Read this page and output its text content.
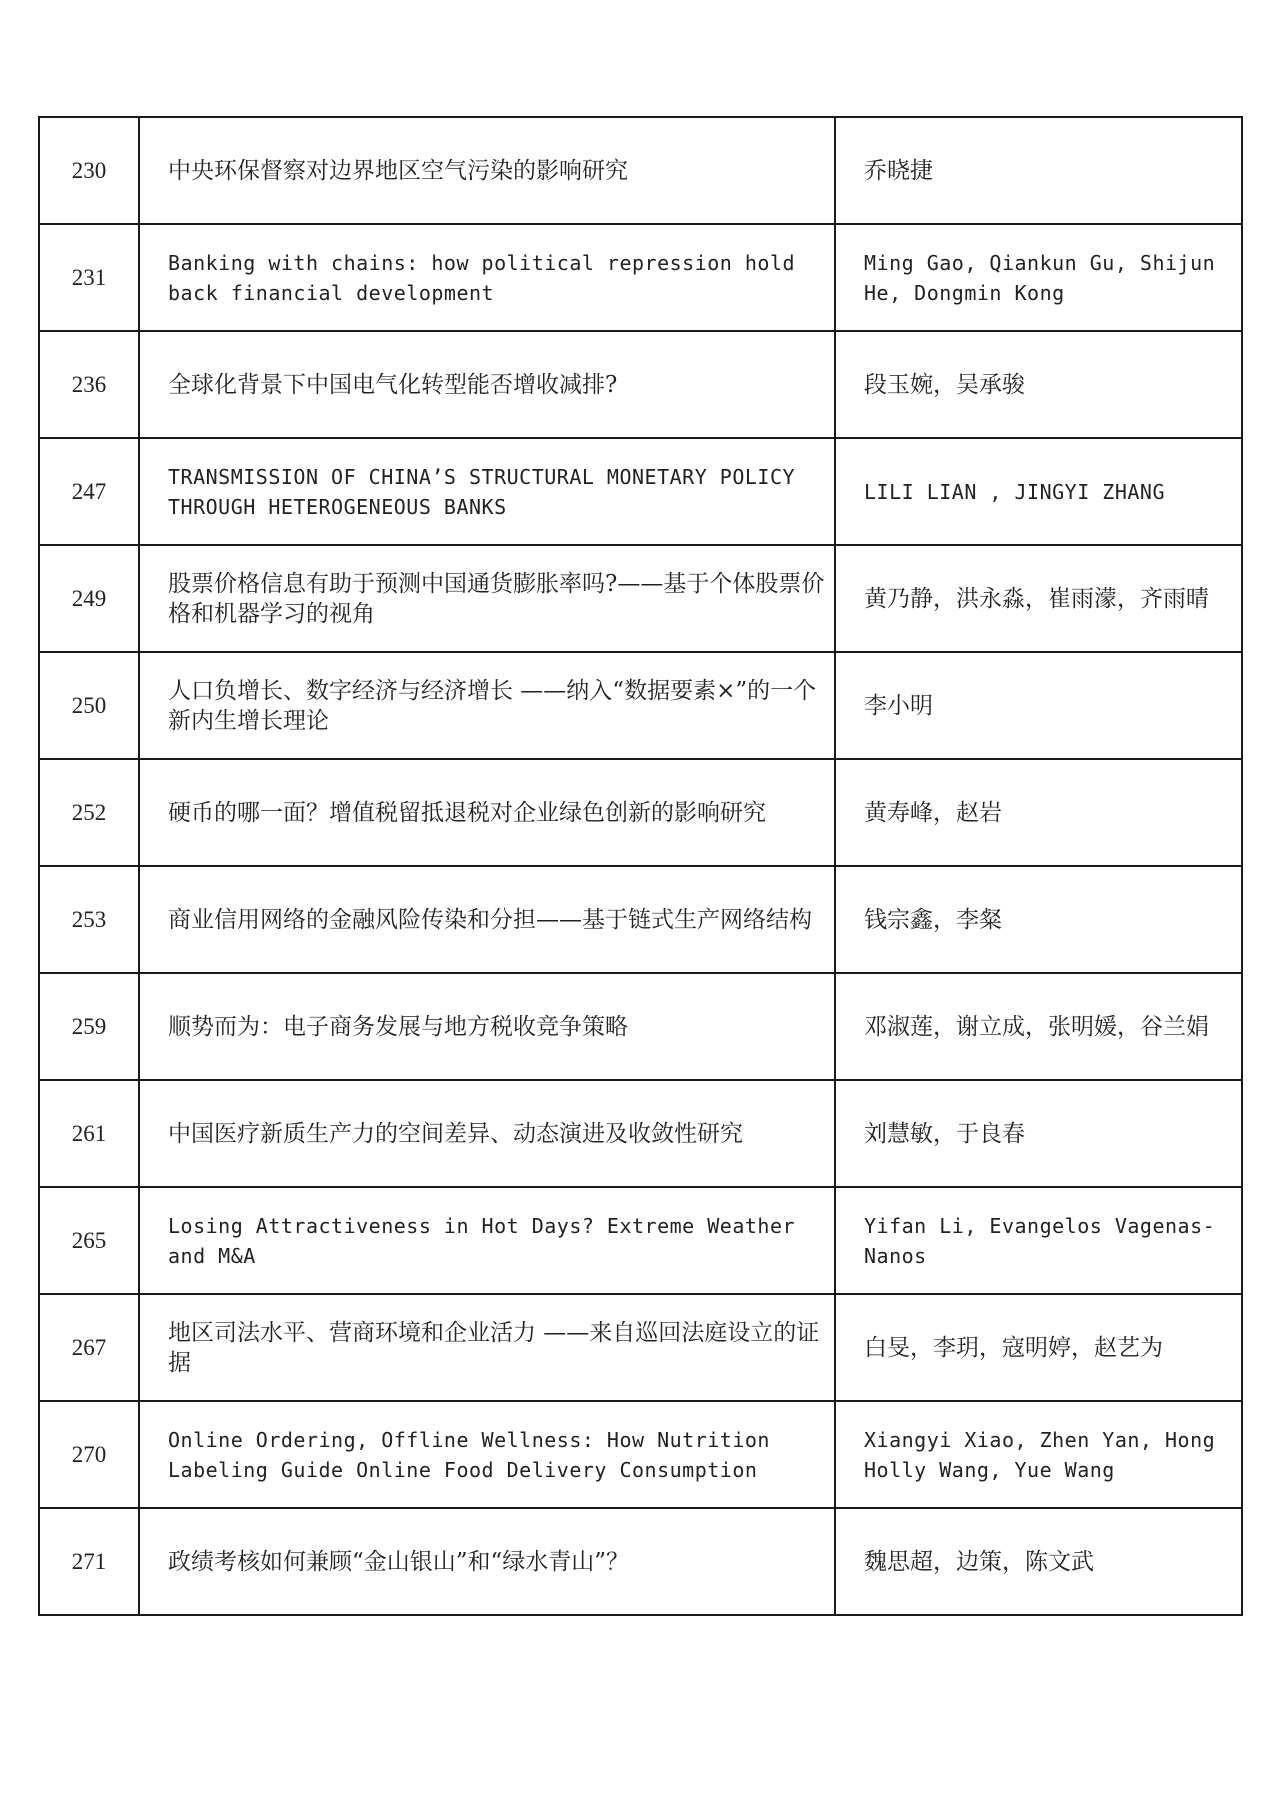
230	中央环保督察对边界地区空气污染的影响研究	乔晓捷

231	Banking with chains: how political repression hold back financial development	Ming Gao, Qiankun Gu, Shijun He, Dongmin Kong

236	全球化背景下中国电气化转型能否增收减排?	段玉婉，吴承骏

247	TRANSMISSION OF CHINA’S STRUCTURAL MONETARY POLICY THROUGH HETEROGENEOUS BANKS	LILI LIAN , JINGYI ZHANG

249	股票价格信息有助于预测中国通货膨胀率吗?——基于个体股票价格和机器学习的视角	黄乃静，洪永淼，崔雨濛，齐雨晴

250	人口负增长、数字经济与经济增长 ——纳入“数据要素×”的一个新内生增长理论	李小明

252	硬币的哪一面？增值税留抵退税对企业绿色创新的影响研究	黄寿峰，赵岩

253	商业信用网络的金融风险传染和分担——基于链式生产网络结构	钱宗鑫，李粲

259	顺势而为：电子商务发展与地方税收竞争策略	邓淑莲，谢立成，张明媛，谷兰娟

261	中国医疗新质生产力的空间差异、动态演进及收敛性研究	刘慧敏，于良春

265	Losing Attractiveness in Hot Days? Extreme Weather and M&A	Yifan Li, Evangelos Vagenas-Nanos

267	地区司法水平、营商环境和企业活力 ——来自巡回法庭设立的证据	白旻，李玥，寇明婷，赵艺为

270	Online Ordering, Offline Wellness: How Nutrition Labeling Guide Online Food Delivery Consumption	Xiangyi Xiao, Zhen Yan, Hong Holly Wang, Yue Wang

271	政绩考核如何兼顾“金山银山”和“绿水青山”？	魏思超，边策，陈文武
